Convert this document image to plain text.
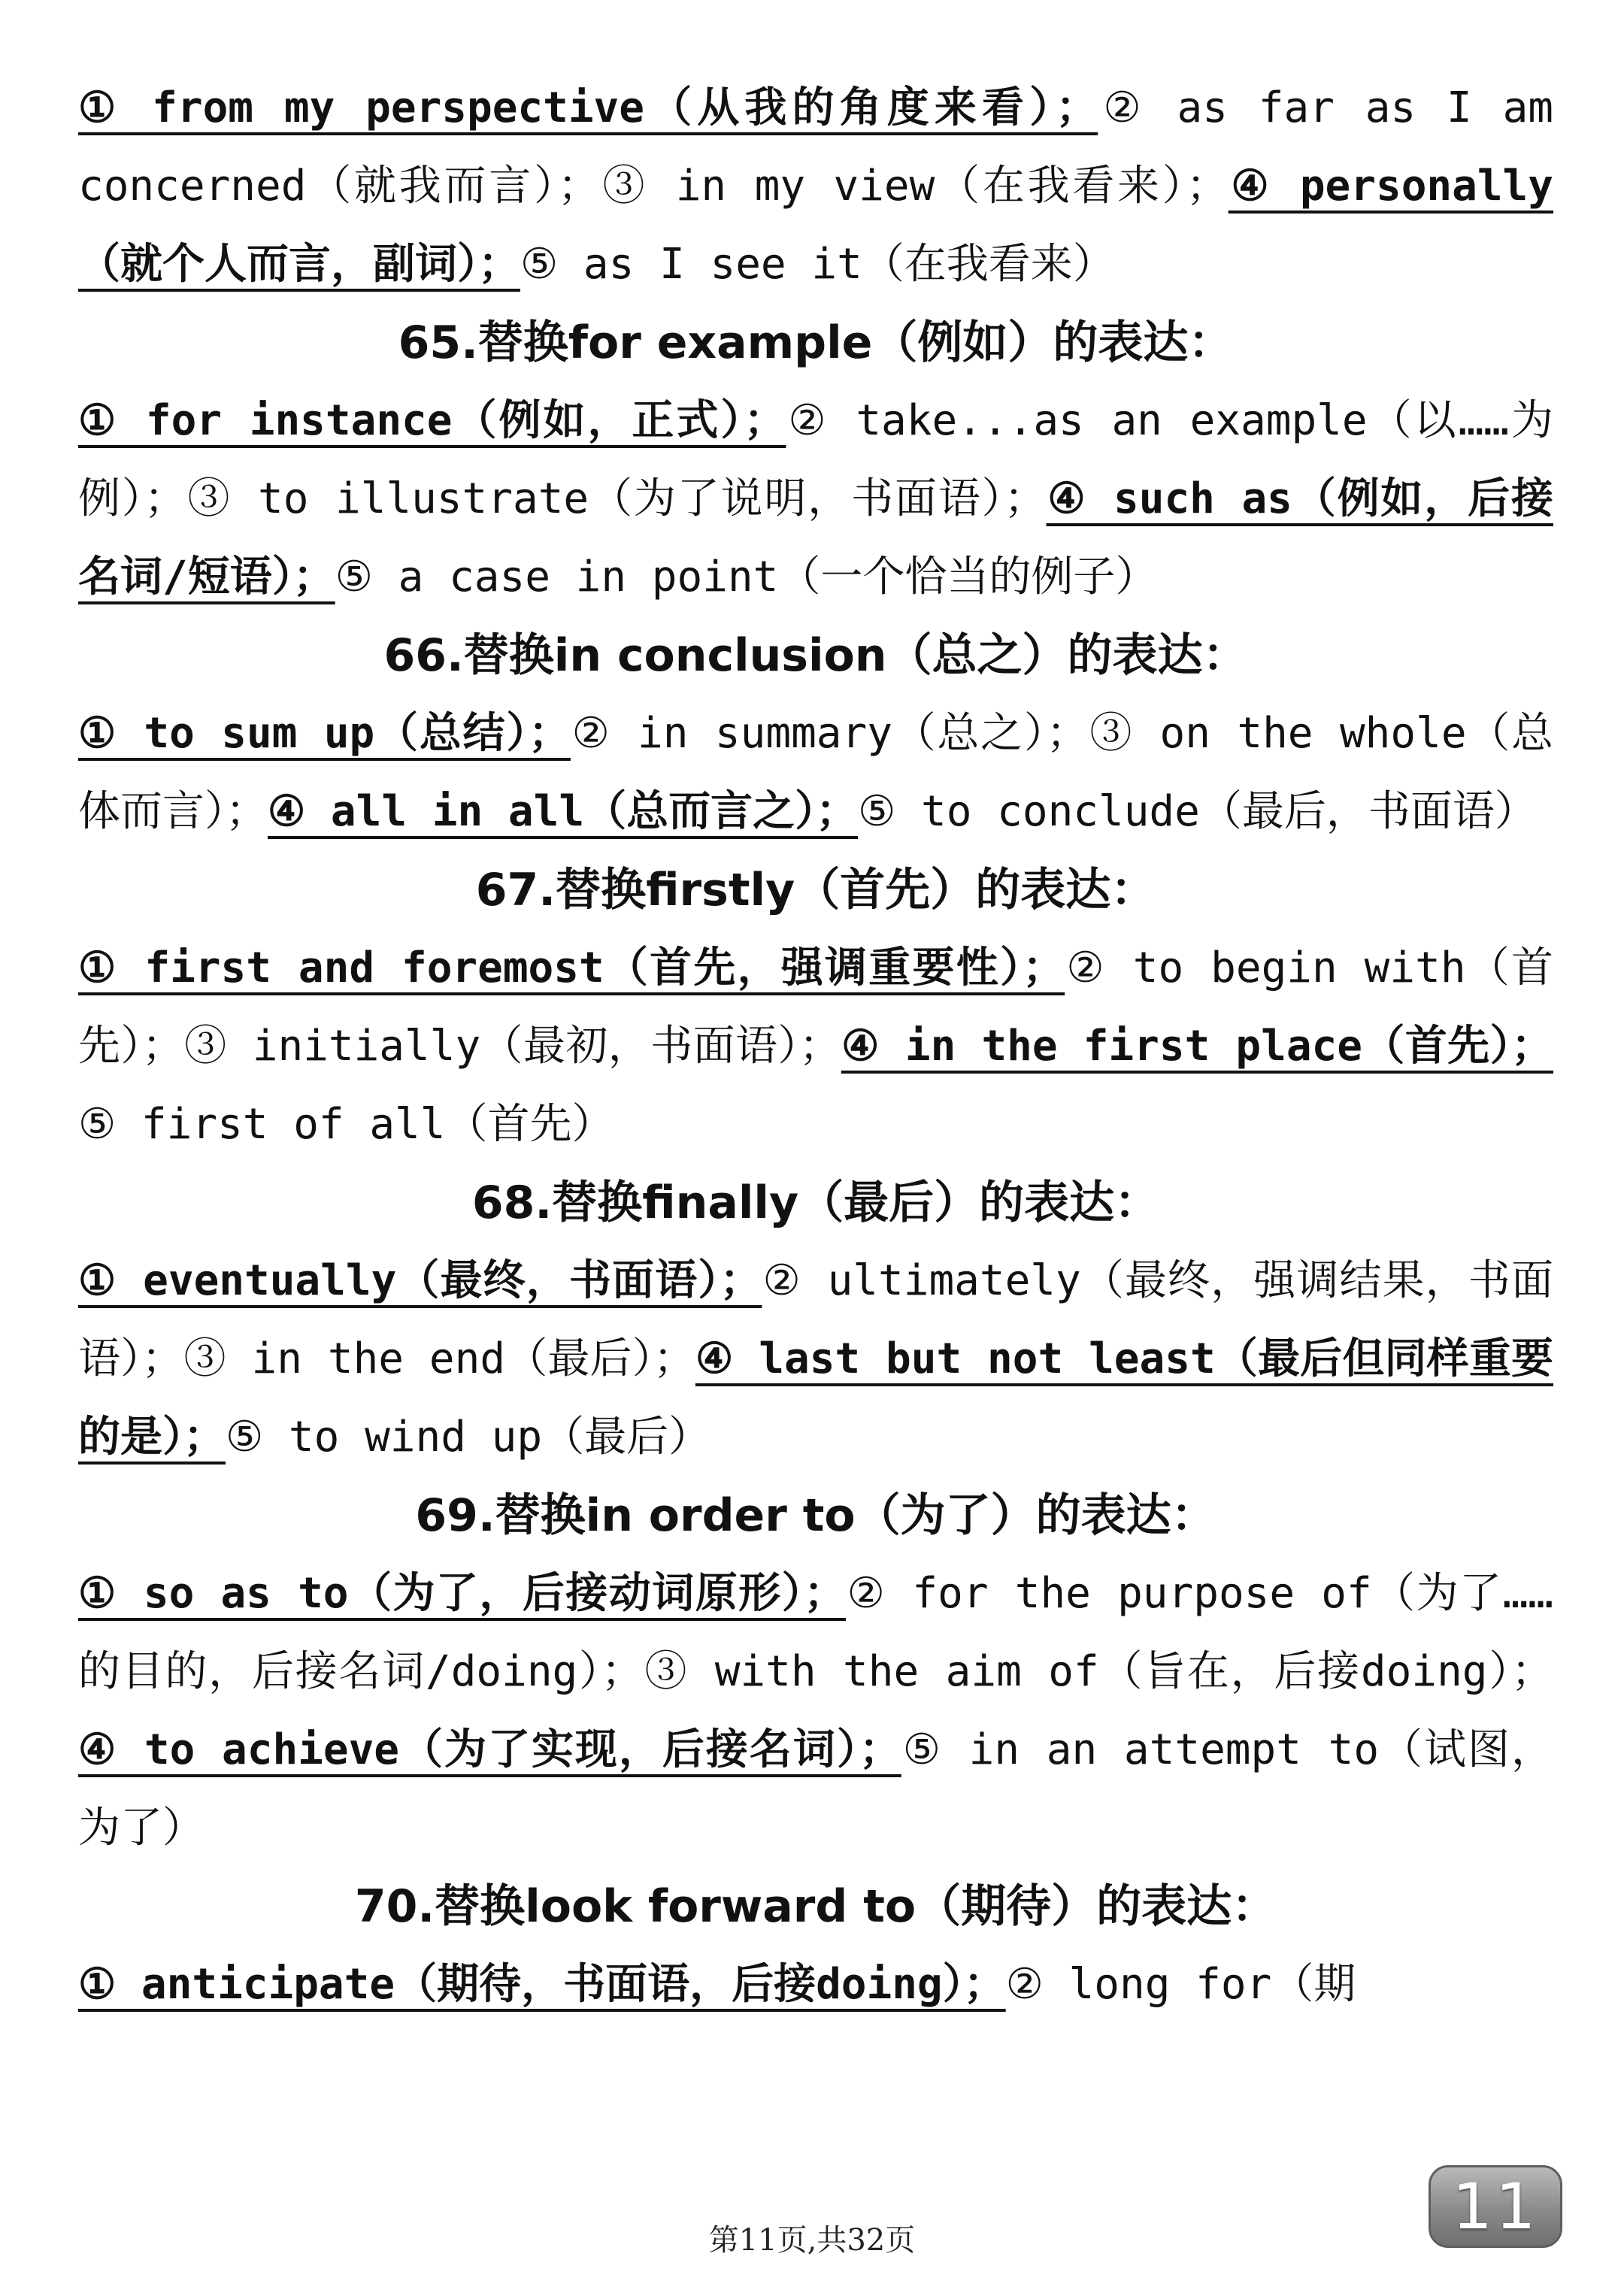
① from my perspective（从我的角度来看）；② as far as I am concerned（就我而言）；③ in my view（在我看来）；④ personally（就个人而言，副词）；⑤ as I see it（在我看来）

65.替换for example（例如）的表达：

① for instance（例如，正式）；② take...as an example（以……为例）；③ to illustrate（为了说明，书面语）；④ such as（例如，后接名词/短语）；⑤ a case in point（一个恰当的例子）

66.替换in conclusion（总之）的表达：

① to sum up（总结）；② in summary（总之）；③ on the whole（总体而言）；④ all in all（总而言之）；⑤ to conclude（最后，书面语）

67.替换firstly（首先）的表达：

① first and foremost（首先，强调重要性）；② to begin with（首先）；③ initially（最初，书面语）；④ in the first place（首先）；⑤ first of all（首先）

68.替换finally（最后）的表达：

① eventually（最终，书面语）；② ultimately（最终，强调结果，书面语）；③ in the end（最后）；④ last but not least（最后但同样重要的是）；⑤ to wind up（最后）

69.替换in order to（为了）的表达：

① so as to（为了，后接动词原形）；② for the purpose of（为了……的目的，后接名词/doing）；③ with the aim of（旨在，后接doing）；④ to achieve（为了实现，后接名词）；⑤ in an attempt to（试图，为了）

70.替换look forward to（期待）的表达：

① anticipate（期待，书面语，后接doing）；② long for（期

第11页,共32页	11
